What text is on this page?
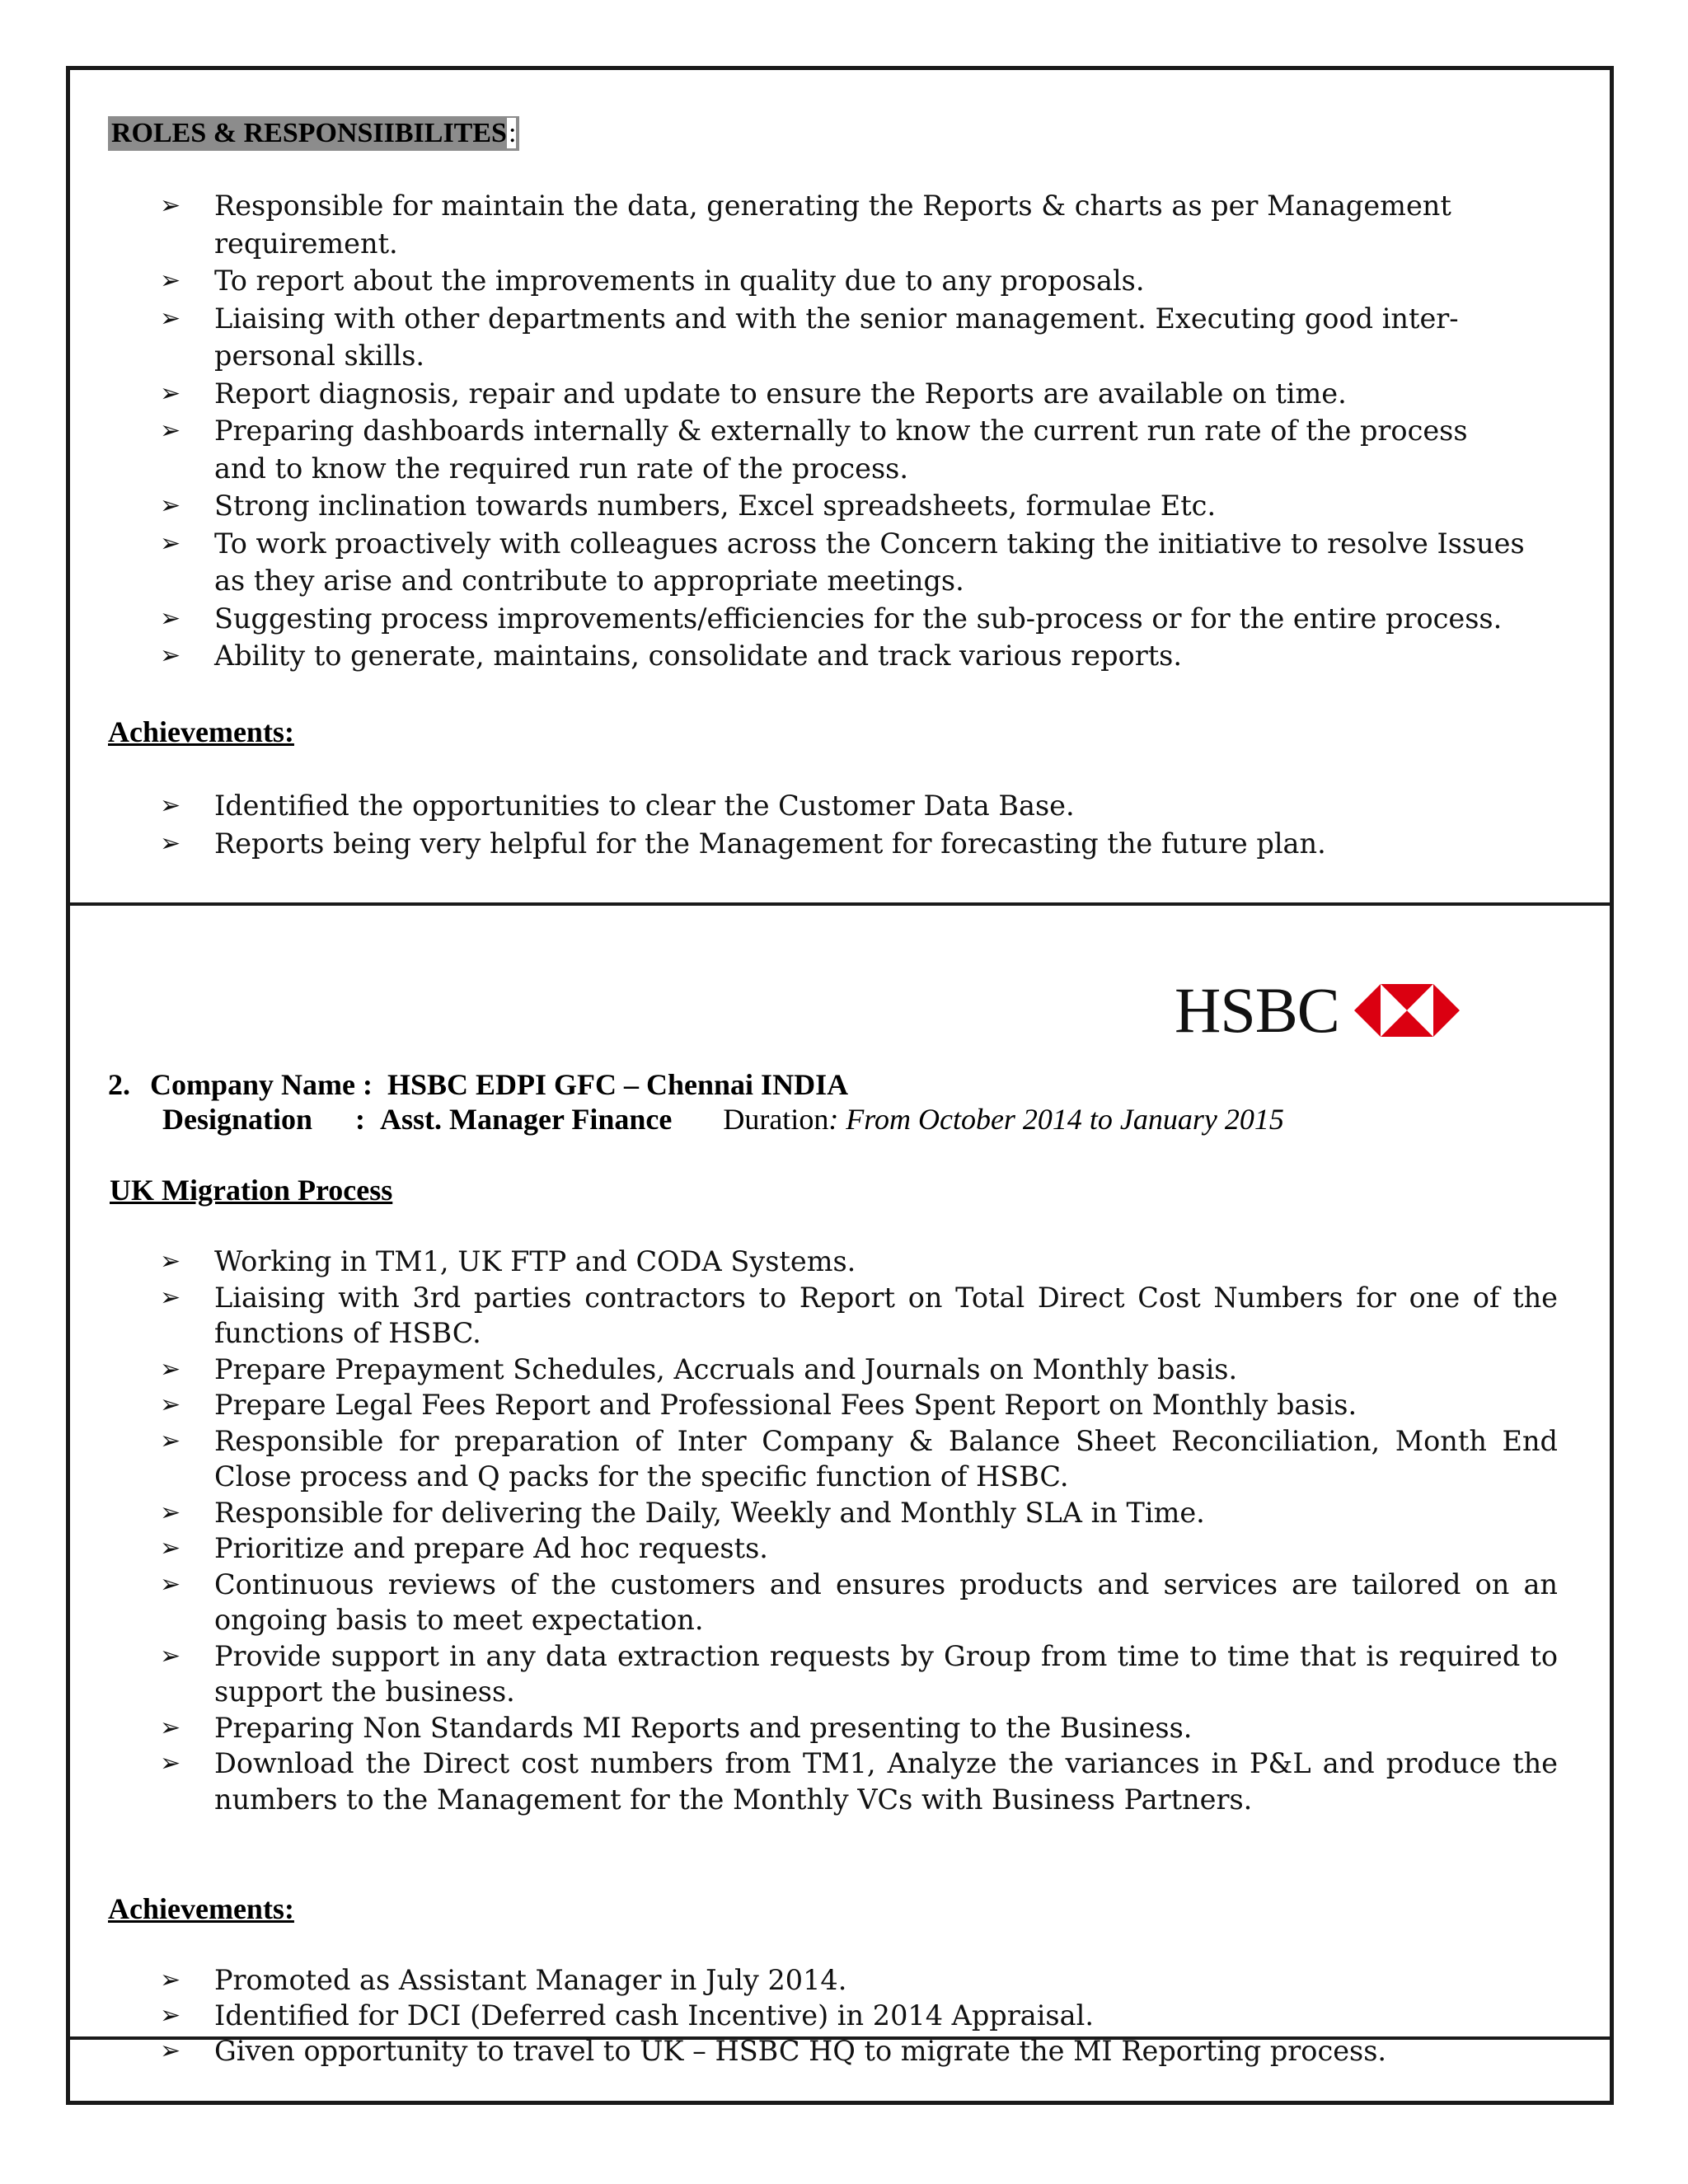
ROLES & RESPONSIIBILITES:
➢ Responsible for maintain the data, generating the Reports & charts as per Management requirement.
➢ To report about the improvements in quality due to any proposals.
➢ Liaising with other departments and with the senior management. Executing good inter-personal skills.
➢ Report diagnosis, repair and update to ensure the Reports are available on time.
➢ Preparing dashboards internally & externally to know the current run rate of the process and to know the required run rate of the process.
➢ Strong inclination towards numbers, Excel spreadsheets, formulae Etc.
➢ To work proactively with colleagues across the Concern taking the initiative to resolve Issues as they arise and contribute to appropriate meetings.
➢ Suggesting process improvements/efficiencies for the sub-process or for the entire process.
➢ Ability to generate, maintains, consolidate and track various reports.
Achievements:
➢ Identified the opportunities to clear the Customer Data Base.
➢ Reports being very helpful for the Management for forecasting the future plan.
HSBC
2. Company Name : HSBC EDPI GFC – Chennai INDIA
Designation : Asst. Manager Finance Duration: From October 2014 to January 2015
UK Migration Process
➢ Working in TM1, UK FTP and CODA Systems.
➢ Liaising with 3rd parties contractors to Report on Total Direct Cost Numbers for one of the functions of HSBC.
➢ Prepare Prepayment Schedules, Accruals and Journals on Monthly basis.
➢ Prepare Legal Fees Report and Professional Fees Spent Report on Monthly basis.
➢ Responsible for preparation of Inter Company & Balance Sheet Reconciliation, Month End Close process and Q packs for the specific function of HSBC.
➢ Responsible for delivering the Daily, Weekly and Monthly SLA in Time.
➢ Prioritize and prepare Ad hoc requests.
➢ Continuous reviews of the customers and ensures products and services are tailored on an ongoing basis to meet expectation.
➢ Provide support in any data extraction requests by Group from time to time that is required to support the business.
➢ Preparing Non Standards MI Reports and presenting to the Business.
➢ Download the Direct cost numbers from TM1, Analyze the variances in P&L and produce the numbers to the Management for the Monthly VCs with Business Partners.
Achievements:
➢ Promoted as Assistant Manager in July 2014.
➢ Identified for DCI (Deferred cash Incentive) in 2014 Appraisal.
➢ Given opportunity to travel to UK – HSBC HQ to migrate the MI Reporting process.
